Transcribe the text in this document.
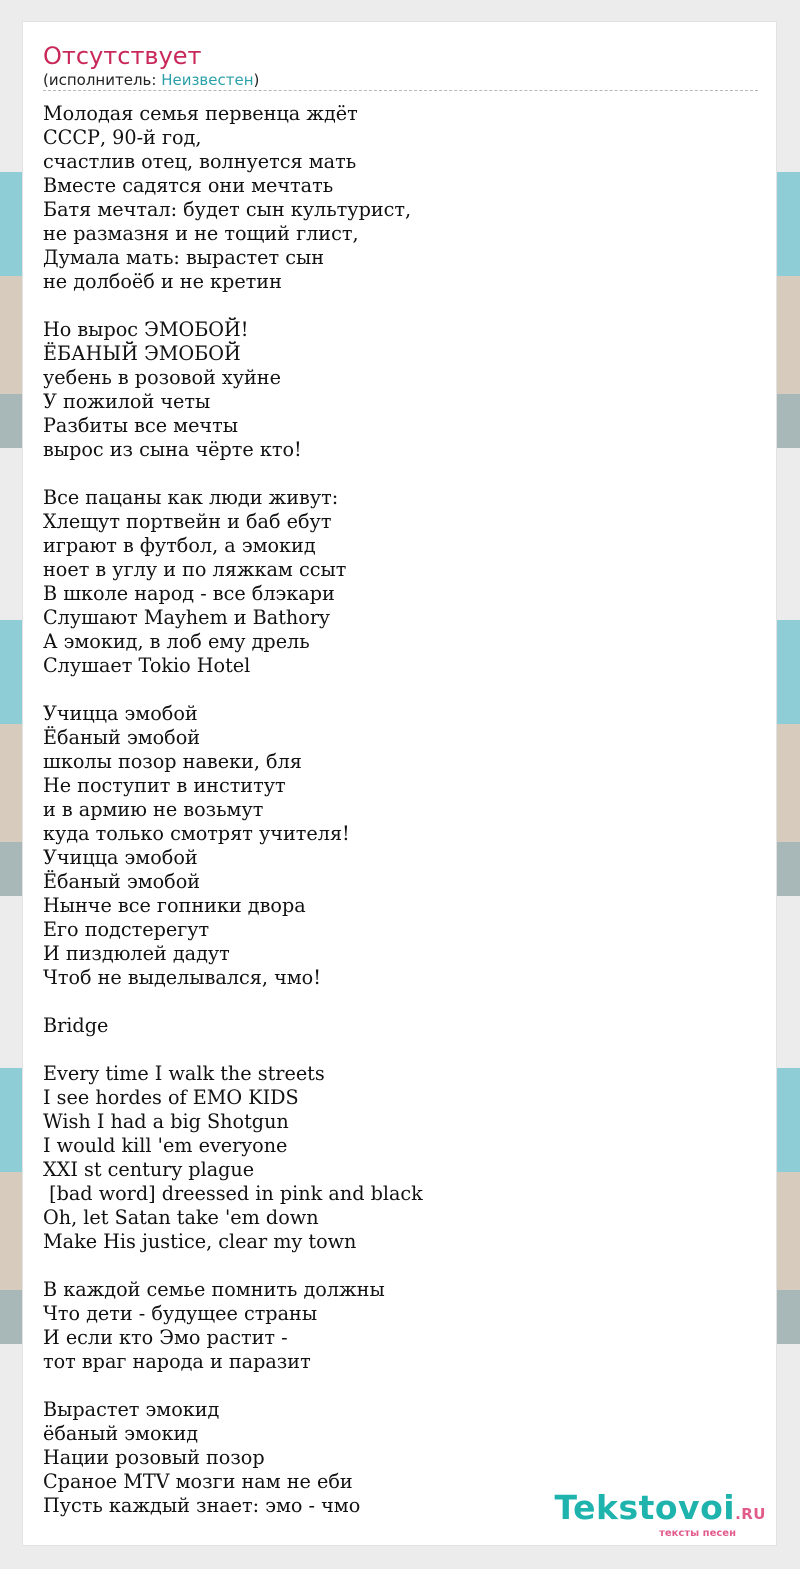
Отсутствует
(исполнитель: Неизвестен)
Молодая семья первенца ждёт
СССР, 90-й год,
счастлив отец, волнуется мать
Вместе садятся они мечтать
Батя мечтал: будет сын культурист,
не размазня и не тощий глист,
Думала мать: вырастет сын
не долбоёб и не кретин

Но вырос ЭМОБОЙ!
ЁБАНЫЙ ЭМОБОЙ
уебень в розовой хуйне
У пожилой четы
Разбиты все мечты
вырос из сына чёрте кто!

Все пацаны как люди живут:
Хлещут портвейн и баб ебут
играют в футбол, а эмокид
ноет в углу и по ляжкам ссыт
В школе народ - все блэкари
Слушают Mayhem и Bathory
А эмокид, в лоб ему дрель
Слушает Tokio Hotel

Учицца эмобой
Ёбаный эмобой
школы позор навеки, бля
Не поступит в институт
и в армию не возьмут
куда только смотрят учителя!
Учицца эмобой
Ёбаный эмобой
Нынче все гопники двора
Его подстерегут
И пиздюлей дадут
Чтоб не выделывался, чмо!

Bridge

Every time I walk the streets
I see hordes of EMO KIDS
Wish I had a big Shotgun
I would kill 'em everyone
XXI st century plague
[bad word] dreessed in pink and black
Oh, let Satan take 'em down
Make His justice, clear my town

В каждой семье помнить должны
Что дети - будущее страны
И если кто Эмо растит -
тот враг народа и паразит

Вырастет эмокид
ёбаный эмокид
Нации розовый позор
Сраное MTV мозги нам не еби
Пусть каждый знает: эмо - чмо	Tekstovoi.RU
тексты песен
